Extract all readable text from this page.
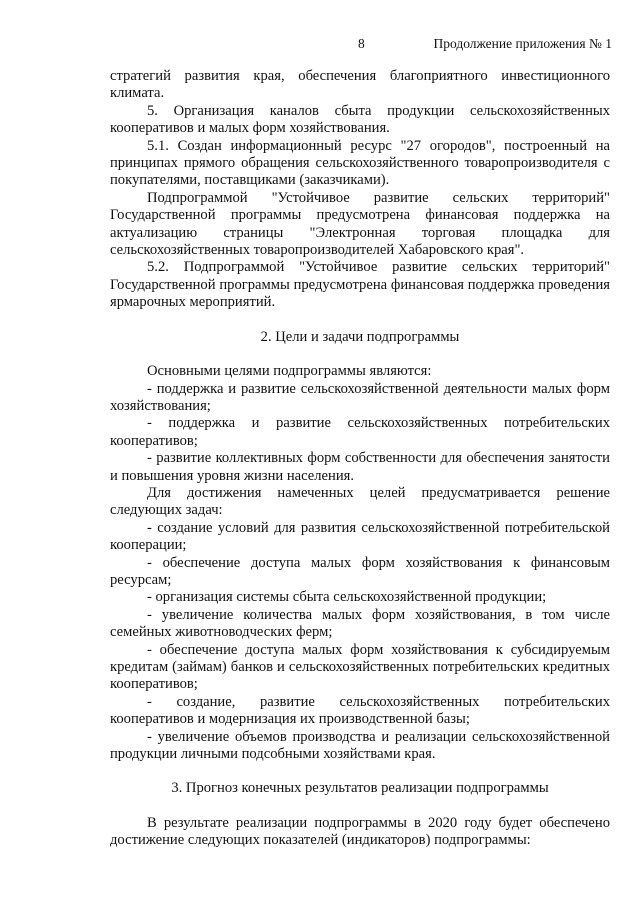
8	Продолжение приложения № 1

стратегий развития края, обеспечения благоприятного инвестиционного климата.

5. Организация каналов сбыта продукции сельскохозяйственных кооперативов и малых форм хозяйствования.

5.1. Создан информационный ресурс "27 огородов", построенный на принципах прямого обращения сельскохозяйственного товаропроизводителя с покупателями, поставщиками (заказчиками).

Подпрограммой "Устойчивое развитие сельских территорий" Государственной программы предусмотрена финансовая поддержка на актуализацию страницы "Электронная торговая площадка для сельскохозяйственных товаропроизводителей Хабаровского края".

5.2. Подпрограммой "Устойчивое развитие сельских территорий" Государственной программы предусмотрена финансовая поддержка проведения ярмарочных мероприятий.

2. Цели и задачи подпрограммы

Основными целями подпрограммы являются:

- поддержка и развитие сельскохозяйственной деятельности малых форм хозяйствования;

- поддержка и развитие сельскохозяйственных потребительских кооперативов;

- развитие коллективных форм собственности для обеспечения занятости и повышения уровня жизни населения.

Для достижения намеченных целей предусматривается решение следующих задач:

- создание условий для развития сельскохозяйственной потребительской кооперации;

- обеспечение доступа малых форм хозяйствования к финансовым ресурсам;

- организация системы сбыта сельскохозяйственной продукции;

- увеличение количества малых форм хозяйствования, в том числе семейных животноводческих ферм;

- обеспечение доступа малых форм хозяйствования к субсидируемым кредитам (займам) банков и сельскохозяйственных потребительских кредитных кооперативов;

- создание, развитие сельскохозяйственных потребительских кооперативов и модернизация их производственной базы;

- увеличение объемов производства и реализации сельскохозяйственной продукции личными подсобными хозяйствами края.

3. Прогноз конечных результатов реализации подпрограммы

В результате реализации подпрограммы в 2020 году будет обеспечено достижение следующих показателей (индикаторов) подпрограммы:
